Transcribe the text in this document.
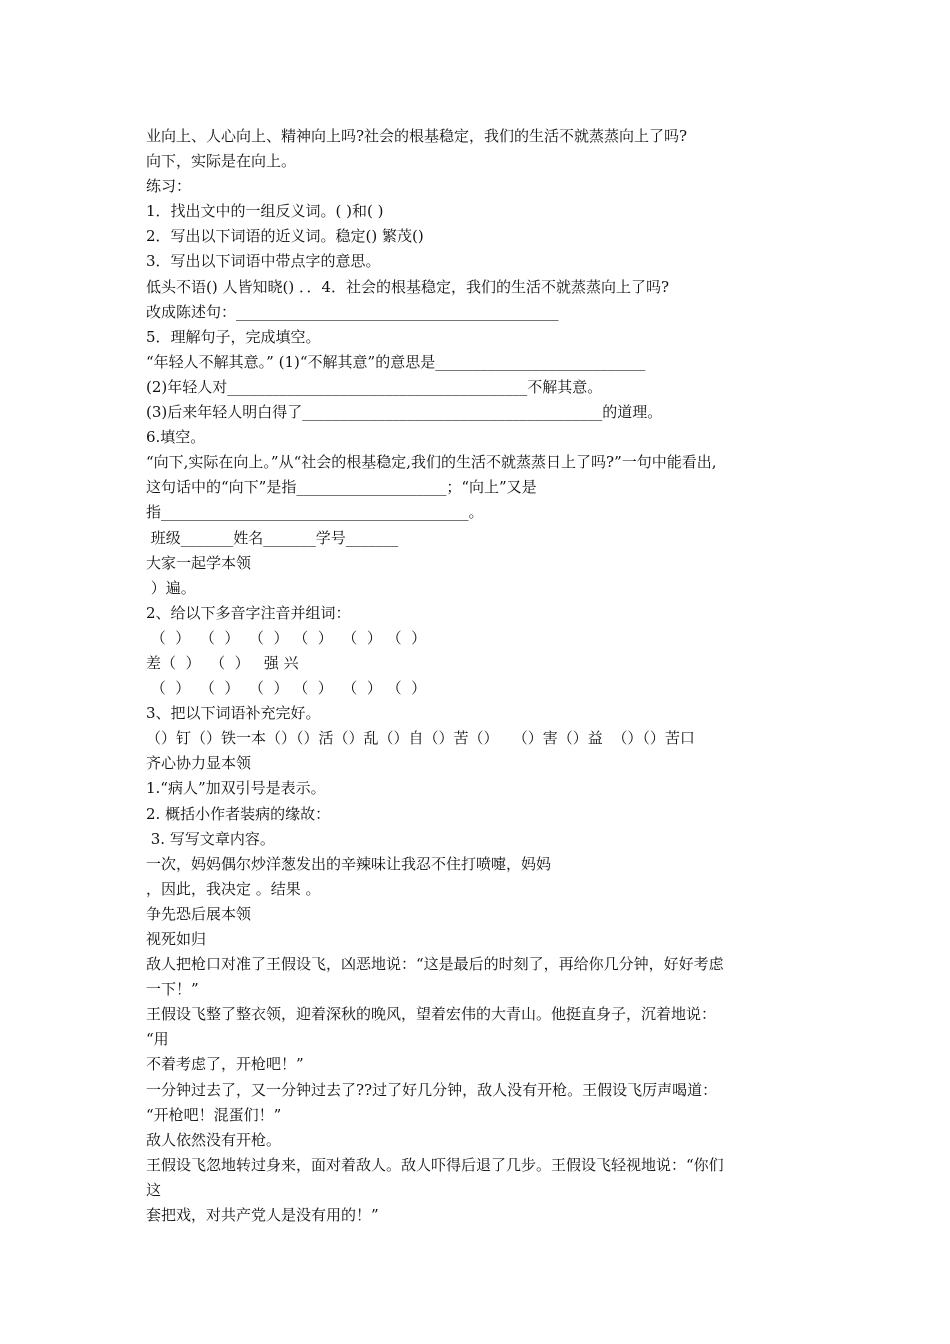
业向上、人心向上、精神向上吗?社会的根基稳定，我们的生活不就蒸蒸向上了吗?
向下，实际是在向上。
练习：
1．找出文中的一组反义词。( )和( )
2．写出以下词语的近义词。稳定() 繁茂()
3．写出以下词语中带点字的意思。
低头不语() 人皆知晓() ．．4．社会的根基稳定，我们的生活不就蒸蒸向上了吗?
改成陈述句：___________________________________________
5．理解句子，完成填空。
“年轻人不解其意。” (1)“不解其意”的意思是____________________________
(2)年轻人对________________________________________不解其意。
(3)后来年轻人明白得了________________________________________的道理。
6.填空。
“向下,实际在向上。”从“社会的根基稳定,我们的生活不就蒸蒸日上了吗?”一句中能看出,
这句话中的“向下”是指____________________；“向上”又是
指_________________________________________。
班级_______姓名_______学号_______
大家一起学本领
）遍。
2、给以下多音字注音并组词：
（  ）  （  ）  （  ） （  ）  （  ） （  ）
差（  ）  （  ）   强 兴
（  ）  （  ）  （  ） （  ）  （  ） （  ）
3、把以下词语补充完好。
（）钉（）铁一本（）（）活（）乱（）自（）苦（）   （）害（）益  （）（）苦口
齐心协力显本领
1.“病人”加双引号是表示。
2. 概括小作者装病的缘故：
3. 写写文章内容。
一次，妈妈偶尔炒洋葱发出的辛辣味让我忍不住打喷嚏，妈妈
，因此，我决定 。结果 。
争先恐后展本领
视死如归
敌人把枪口对准了王假设飞，凶恶地说：“这是最后的时刻了，再给你几分钟，好好考虑
一下！”
王假设飞整了整衣领，迎着深秋的晚风，望着宏伟的大青山。他挺直身子，沉着地说：
“用
不着考虑了，开枪吧！”
一分钟过去了，又一分钟过去了??过了好几分钟，敌人没有开枪。王假设飞厉声喝道：
“开枪吧！混蛋们！”
敌人依然没有开枪。
王假设飞忽地转过身来，面对着敌人。敌人吓得后退了几步。王假设飞轻视地说：“你们
这
套把戏，对共产党人是没有用的！”
